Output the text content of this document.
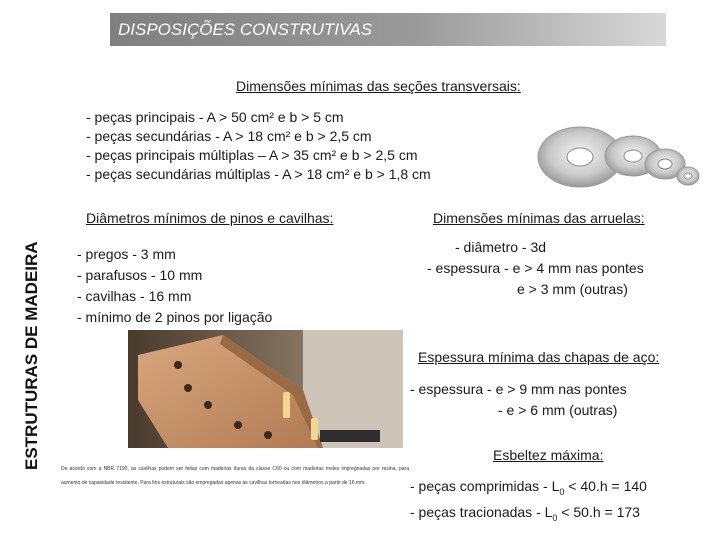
DISPOSIÇÕES CONSTRUTIVAS
ESTRUTURAS DE MADEIRA
Dimensões mínimas das seções transversais:
- peças principais - A > 50 cm² e b > 5 cm
- peças secundárias - A > 18 cm² e b > 2,5 cm
- peças principais múltiplas – A > 35 cm² e b > 2,5 cm
- peças secundárias múltiplas - A > 18 cm² e b > 1,8 cm
Diâmetros mínimos de pinos e cavilhas:
- pregos - 3 mm
- parafusos - 10 mm
- cavilhas - 16 mm
- mínimo de 2 pinos por ligação
Dimensões mínimas das arruelas:
- diâmetro - 3d
- espessura - e > 4 mm nas pontes
e > 3 mm (outras)
Espessura mínima das chapas de aço:
- espessura - e > 9 mm nas pontes
- e > 6 mm (outras)
De acordo com a NBR 7190, as cavilhas podem ser feitas com madeiras duras da classe C60 ou com madeiras moles impregnadas por resina, para aumento de capacidade resistente. Para fins estruturais são empregadas apenas as cavilhas torneadas nos diâmetros a partir de 16 mm.
Esbeltez máxima:
- peças comprimidas - $L_0 < 40.h = 140$
- peças tracionadas - $L_0 < 50.h = 173$
